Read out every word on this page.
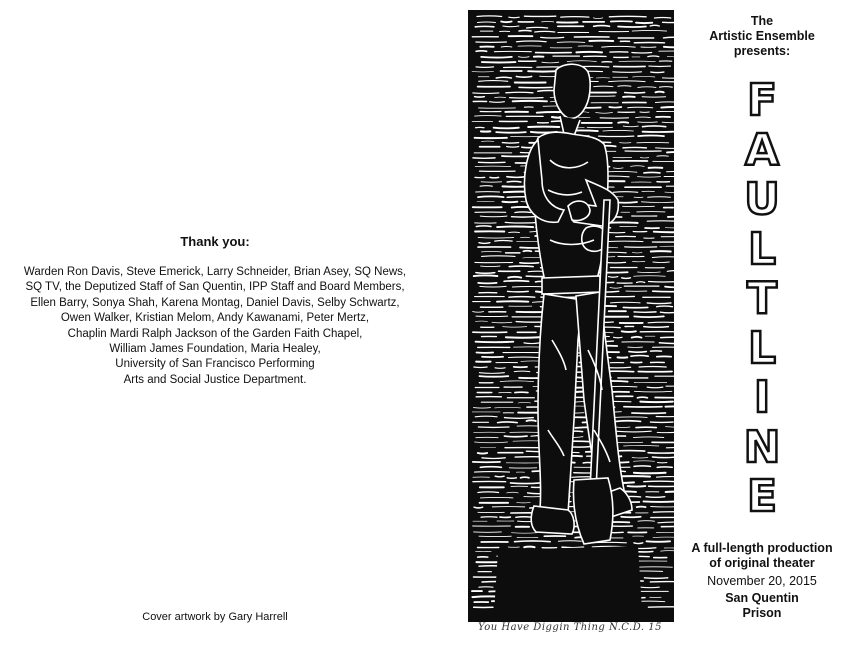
Thank you:
Warden Ron Davis, Steve Emerick, Larry Schneider, Brian Asey, SQ News,
SQ TV, the Deputized Staff of San Quentin, IPP Staff and Board Members,
Ellen Barry, Sonya Shah, Karena Montag, Daniel Davis, Selby Schwartz,
Owen Walker, Kristian Melom, Andy Kawanami, Peter Mertz,
Chaplin Mardi Ralph Jackson of the Garden Faith Chapel,
William James Foundation, Maria Healey,
University of San Francisco Performing
Arts and Social Justice Department.
Cover artwork by Gary Harrell
You Have Diggin Thing N.C.D. 15
The
Artistic Ensemble
presents:
F
A
U
L
T
L
I
N
E
A full-length production
of original theater
November 20, 2015
San Quentin
Prison
